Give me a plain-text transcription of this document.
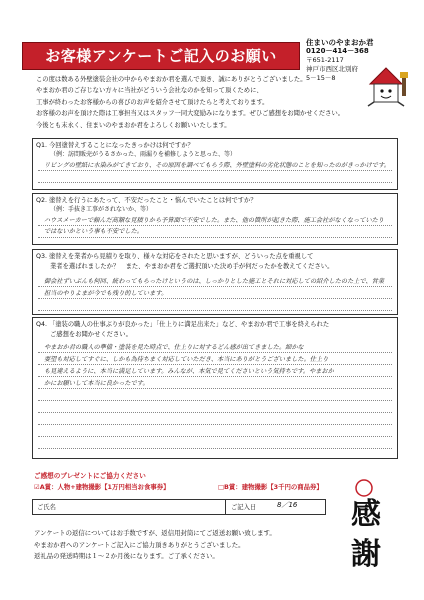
お客様アンケートご記入のお願い
住まいのやまおか君
0120－414－368
〒651-2117
神戸市西区北別府
5－15－8
この度は数ある外壁塗装会社の中からやまおか君を選んで頂き、誠にありがとうございました。
やまおか君のご存じない方々に当社がどういう会社なのかを知って頂くために、
工事が終わったお客様からの喜びのお声を紹介させて頂けたらと考えております。
お客様のお声を頂けた際は工事担当又はスタッフ一同大変励みになります。ぜひご感想をお聞かせください。
今後とも末永く、住まいのやまおか君をよろしくお願いいたします。
Q1. 今回塗替えすることになったきっかけは何ですか？
（例：訪問販売がうるさかった、雨漏りを補修しようと思った、等）
リビングの壁紙に水染みがてきており、その原因を調べてもらう際、外壁塗料の劣化状態のことを知ったのがきっかけです。
Q2. 塗替えを行うにあたって、不安だったこと・悩んでいたことは何ですか？
（例：手抜き工事がされないか、等）
ハウスメーカーで頼んだ高額な見積りから予算面で不安でした。また、他の箇所が起きた際、施工会社がなくなっていたりではないかという事も不安でした。
Q3. 塗替えを業者から見積りを取り、様々な対応をされたと思いますが、どういった点を重視して
業者を選ばれましたか？　また、やまおか君をご選択頂いた決め手が何だったかを教えてください。
御会社ずいぶんも何回、統わってもらったけというのは、しっかりとした施工とそれに対応しての紹介したのた上で、営業
担当のやりよまが今でも残り的しています。
Q4. 「塗装の職人の仕事ぶりが良かった」「仕上りに満足出来た」など、やまおか君で工事を終えられた
ご感想をお聞かせください。
やまおか君の職人の準備・塗装を見た時点で、仕上りに対するどん感が出てきました。細かな
要望も対応してすぐに、しかも為待ちまく対応していただき、本当にありがとうございました。仕上り
も見違えるように、本当に満足しています。みんなが、本気で見てくださいという気持ちです。やまおか
かにお願いして本当に良かったです。
ご感想のプレゼントにご協力ください
☑A賞：人物+建物撮影【1万円相当お食事券】	□B賞：建物撮影【3千円の商品券】
ご氏名	ご記入日	8／16
アンケートの返信についてはお手数ですが、返信用封筒にてご返送お願い致します。
やまおか君へのアンケートご記入にご協力頂きありがとうございました。
返礼品の発送時期は１～２か月後になります。ご了承ください。
感
謝
